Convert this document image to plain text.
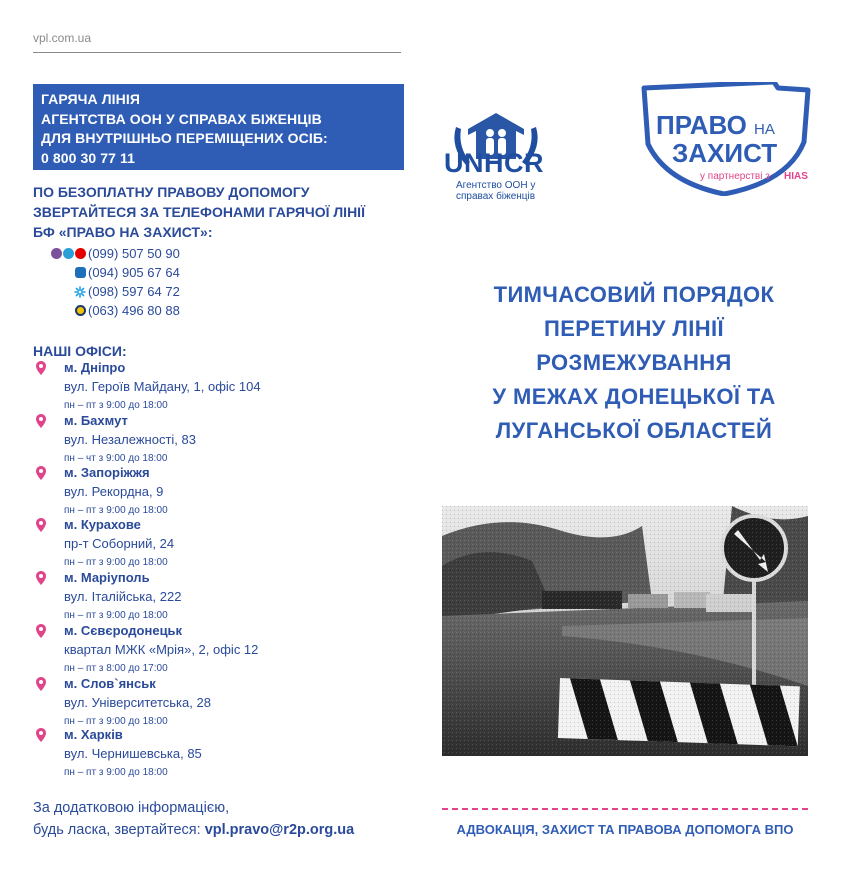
vpl.com.ua
ГАРЯЧА ЛІНІЯ
АГЕНТСТВА ООН У СПРАВАХ БІЖЕНЦІВ
ДЛЯ ВНУТРІШНЬО ПЕРЕМІЩЕНИХ ОСІБ:
0 800 30 77 11
ПО БЕЗОПЛАТНУ ПРАВОВУ ДОПОМОГУ
ЗВЕРТАЙТЕСЯ ЗА ТЕЛЕФОНАМИ ГАРЯЧОЇ ЛІНІЇ
БФ «ПРАВО НА ЗАХИСТ»:
(099) 507 50 90
(094) 905 67 64
(098) 597 64 72
(063) 496 80 88
НАШІ ОФІСИ:
м. Дніпро
вул. Героїв Майдану, 1, офіс 104
пн – пт з 9:00 до 18:00
м. Бахмут
вул. Незалежності, 83
пн – чт з 9:00 до 18:00
м. Запоріжжя
вул. Рекордна, 9
пн – пт з 9:00 до 18:00
м. Курахове
пр-т Соборний, 24
пн – пт з 9:00 до 18:00
м. Маріуполь
вул. Італійська, 222
пн – пт з 9:00 до 18:00
м. Сєвєродонецьк
квартал МЖК «Мрія», 2, офіс 12
пн – пт з 8:00 до 17:00
м. Слов`янськ
вул. Університетська, 28
пн – пт з 9:00 до 18:00
м. Харків
вул. Чернишевська, 85
пн – пт з 9:00 до 18:00
За додатковою інформацією,
будь ласка, звертайтеся: vpl.pravo@r2p.org.ua
UNHCR
Агентство ООН у
справах біженців
ПРАВО НА
ЗАХИСТ
у партнерстві з HIAS
ТИМЧАСОВИЙ ПОРЯДОК
ПЕРЕТИНУ ЛІНІЇ
РОЗМЕЖУВАННЯ
У МЕЖАХ ДОНЕЦЬКОЇ ТА
ЛУГАНСЬКОЇ ОБЛАСТЕЙ
АДВОКАЦІЯ, ЗАХИСТ ТА ПРАВОВА ДОПОМОГА ВПО
